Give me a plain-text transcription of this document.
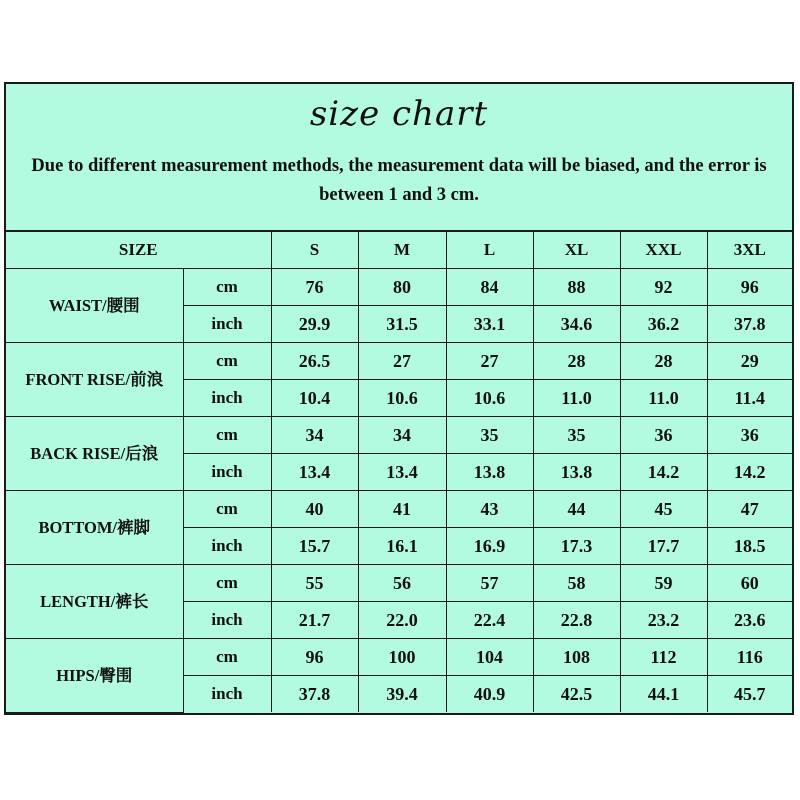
size chart
Due to different measurement methods, the measurement data will be biased, and the error is between 1 and 3 cm.
SIZE		S	M	L	XL	XXL	3XL
WAIST/腰围	cm	76	80	84	88	92	96
	inch	29.9	31.5	33.1	34.6	36.2	37.8
FRONT RISE/前浪	cm	26.5	27	27	28	28	29
	inch	10.4	10.6	10.6	11.0	11.0	11.4
BACK RISE/后浪	cm	34	34	35	35	36	36
	inch	13.4	13.4	13.8	13.8	14.2	14.2
BOTTOM/裤脚	cm	40	41	43	44	45	47
	inch	15.7	16.1	16.9	17.3	17.7	18.5
LENGTH/裤长	cm	55	56	57	58	59	60
	inch	21.7	22.0	22.4	22.8	23.2	23.6
HIPS/臀围	cm	96	100	104	108	112	116
	inch	37.8	39.4	40.9	42.5	44.1	45.7
